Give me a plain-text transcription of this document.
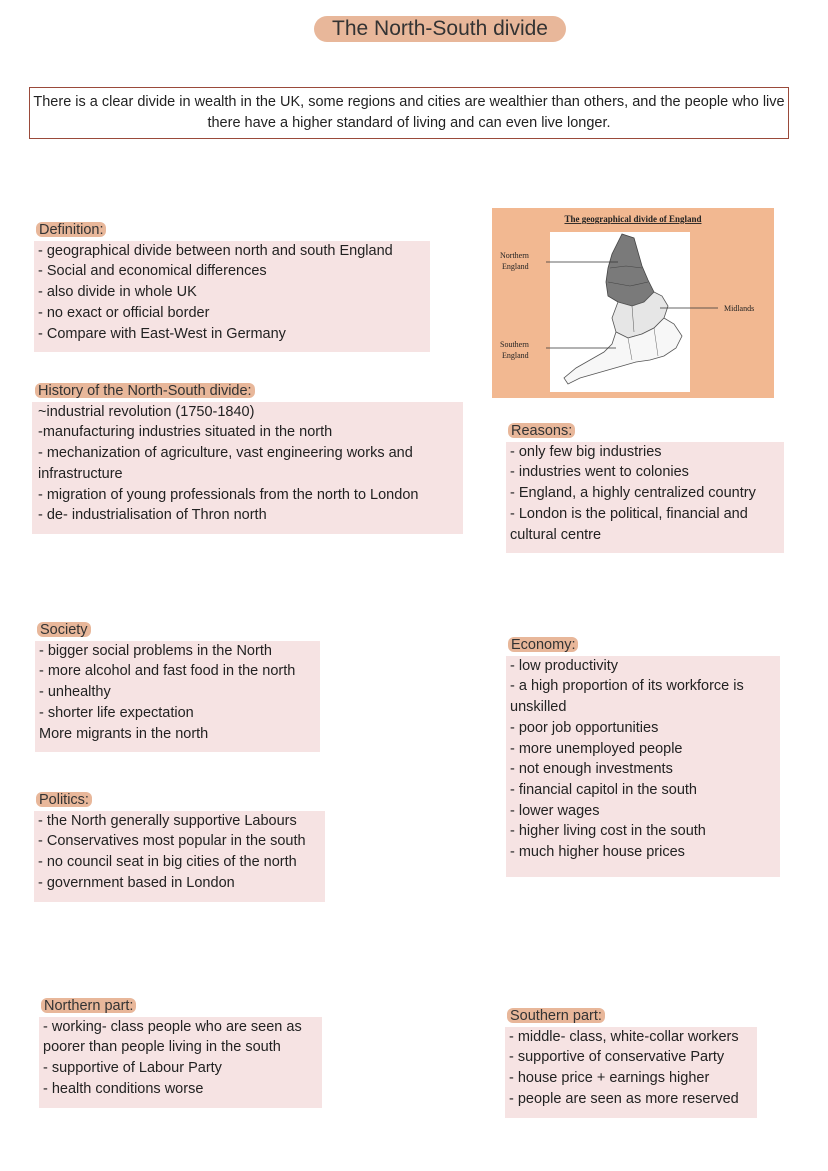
The North-South divide
There is a clear divide in wealth in the UK, some regions and cities are wealthier than others, and the people who live there have a higher standard of living and can even live longer.
Definition:
- geographical divide between north and south England
- Social and economical differences
- also divide in whole UK
- no exact or official border
- Compare with East-West in Germany
History of the North-South divide:
~industrial revolution (1750-1840)
-manufacturing industries situated in the north
- mechanization of agriculture, vast engineering works and infrastructure
- migration of young professionals from the north to London
- de- industrialisation of Thron north
The geographical divide of England
Northern England
Southern England
Midlands
Reasons:
- only few big industries
- industries went to colonies
- England, a highly centralized country
- London is the political, financial and cultural centre
Society
- bigger social problems in the North
- more alcohol and fast food in the north
- unhealthy
- shorter life expectation
More migrants in the north
Economy:
- low productivity
- a high proportion of its workforce is unskilled
- poor job opportunities
- more unemployed people
- not enough investments
- financial capitol in the south
- lower wages
- higher living cost in the south
- much higher house prices
Politics:
- the North generally supportive Labours
- Conservatives most popular in the south
- no council seat in big cities of the north
- government based in London
Northern part:
- working- class people who are seen as poorer than people living in the south
- supportive of Labour Party
- health conditions worse
Southern part:
- middle- class, white-collar workers
- supportive of conservative Party
- house price + earnings higher
- people are seen as more reserved
